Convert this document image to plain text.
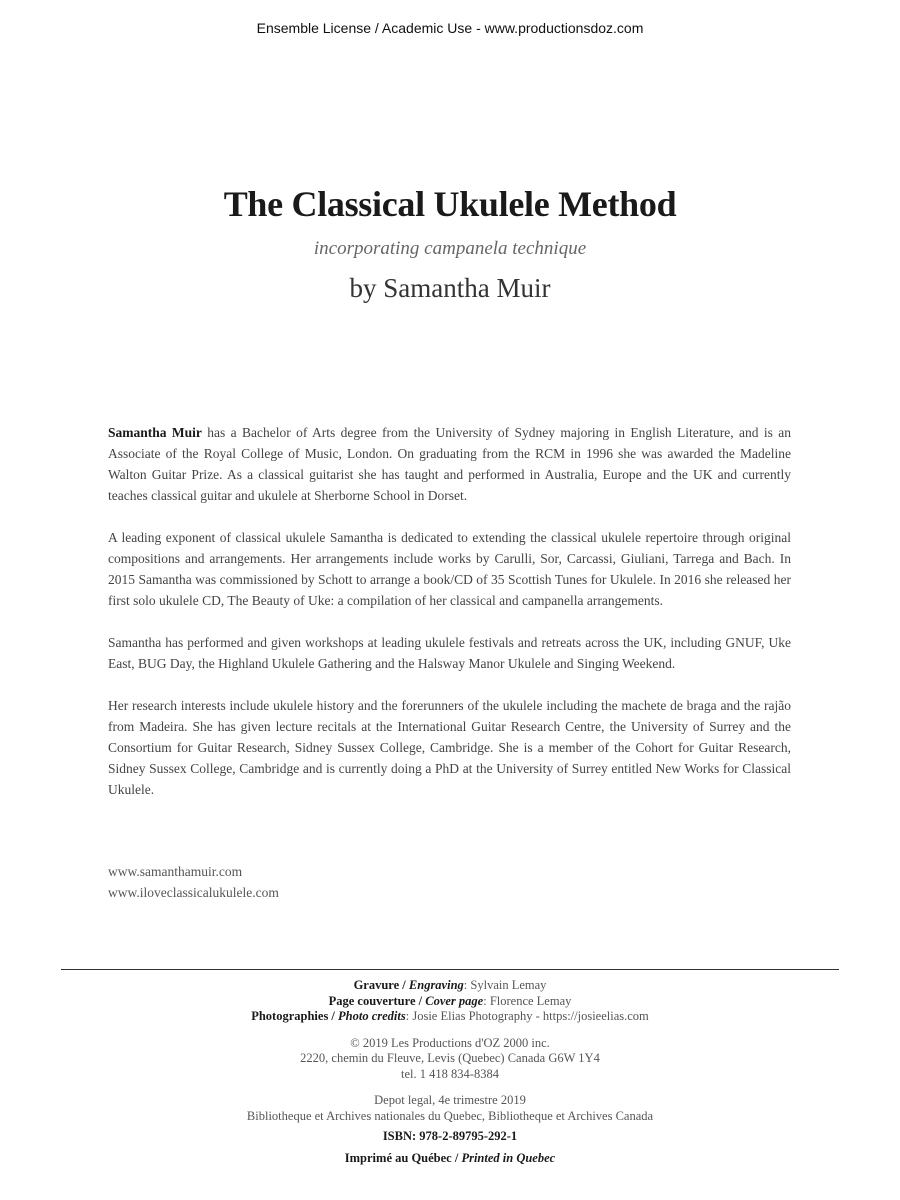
Ensemble License / Academic Use - www.productionsdoz.com
The Classical Ukulele Method
incorporating campanela technique
by Samantha Muir

Samantha Muir has a Bachelor of Arts degree from the University of Sydney majoring in English Literature, and is an Associate of the Royal College of Music, London. On graduating from the RCM in 1996 she was awarded the Madeline Walton Guitar Prize. As a classical guitarist she has taught and performed in Australia, Europe and the UK and currently teaches classical guitar and ukulele at Sherborne School in Dorset.

A leading exponent of classical ukulele Samantha is dedicated to extending the classical ukulele repertoire through original compositions and arrangements. Her arrangements include works by Carulli, Sor, Carcassi, Giuliani, Tarrega and Bach. In 2015 Samantha was commissioned by Schott to arrange a book/CD of 35 Scottish Tunes for Ukulele. In 2016 she released her first solo ukulele CD, The Beauty of Uke: a compilation of her classical and campanella arrangements.

Samantha has performed and given workshops at leading ukulele festivals and retreats across the UK, including GNUF, Uke East, BUG Day, the Highland Ukulele Gathering and the Halsway Manor Ukulele and Singing Weekend.

Her research interests include ukulele history and the forerunners of the ukulele including the machete de braga and the rajão from Madeira. She has given lecture recitals at the International Guitar Research Centre, the University of Surrey and the Consortium for Guitar Research, Sidney Sussex College, Cambridge. She is a member of the Cohort for Guitar Research, Sidney Sussex College, Cambridge and is currently doing a PhD at the University of Surrey entitled New Works for Classical Ukulele.

www.samanthamuir.com
www.iloveclassicalukulele.com
Gravure / Engraving: Sylvain Lemay
Page couverture / Cover page: Florence Lemay
Photographies / Photo credits: Josie Elias Photography - https://josieelias.com
© 2019 Les Productions d'OZ 2000 inc.
2220, chemin du Fleuve, Levis (Quebec) Canada G6W 1Y4
tel. 1 418 834-8384
Depot legal, 4e trimestre 2019
Bibliotheque et Archives nationales du Quebec, Bibliotheque et Archives Canada
ISBN: 978-2-89795-292-1
Imprimé au Québec / Printed in Quebec
